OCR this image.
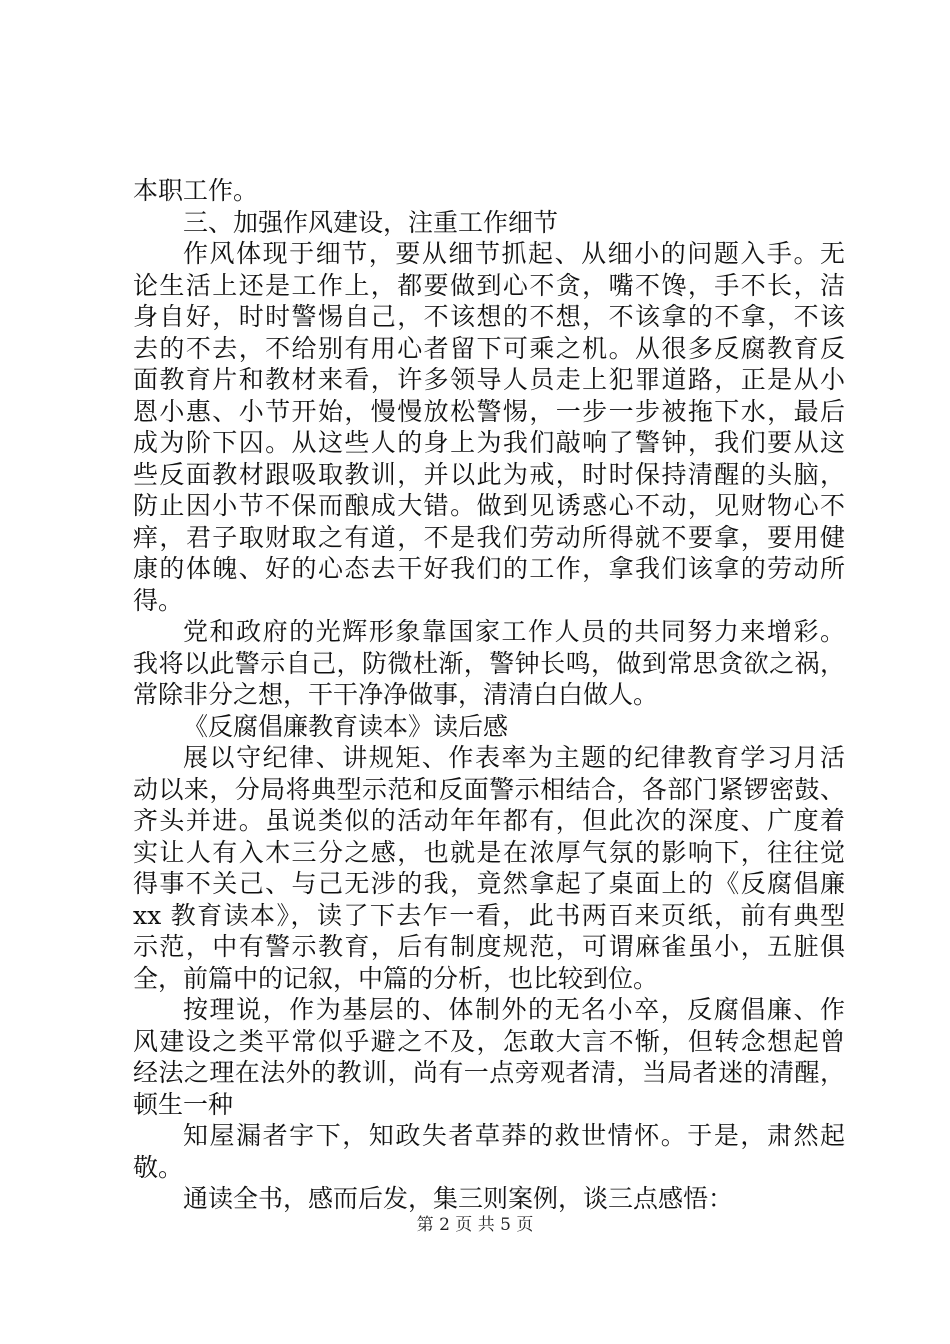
本职工作。
三、加强作风建设，注重工作细节
作风体现于细节，要从细节抓起、从细小的问题入手。无
论生活上还是工作上，都要做到心不贪，嘴不馋，手不长，洁
身自好，时时警惕自己，不该想的不想，不该拿的不拿，不该
去的不去，不给别有用心者留下可乘之机。从很多反腐教育反
面教育片和教材来看，许多领导人员走上犯罪道路，正是从小
恩小惠、小节开始，慢慢放松警惕，一步一步被拖下水，最后
成为阶下囚。从这些人的身上为我们敲响了警钟，我们要从这
些反面教材跟吸取教训，并以此为戒，时时保持清醒的头脑，
防止因小节不保而酿成大错。做到见诱惑心不动，见财物心不
痒，君子取财取之有道，不是我们劳动所得就不要拿，要用健
康的体魄、好的心态去干好我们的工作，拿我们该拿的劳动所
得。
党和政府的光辉形象靠国家工作人员的共同努力来增彩。
我将以此警示自己，防微杜渐，警钟长鸣，做到常思贪欲之祸，
常除非分之想，干干净净做事，清清白白做人。
《反腐倡廉教育读本》读后感
展以守纪律、讲规矩、作表率为主题的纪律教育学习月活
动以来，分局将典型示范和反面警示相结合，各部门紧锣密鼓、
齐头并进。虽说类似的活动年年都有，但此次的深度、广度着
实让人有入木三分之感，也就是在浓厚气氛的影响下，往往觉
得事不关己、与己无涉的我，竟然拿起了桌面上的《反腐倡廉
xx 教育读本》，读了下去乍一看，此书两百来页纸，前有典型
示范，中有警示教育，后有制度规范，可谓麻雀虽小，五脏俱
全，前篇中的记叙，中篇的分析，也比较到位。
按理说，作为基层的、体制外的无名小卒，反腐倡廉、作
风建设之类平常似乎避之不及，怎敢大言不惭，但转念想起曾
经法之理在法外的教训，尚有一点旁观者清，当局者迷的清醒，
顿生一种
知屋漏者宇下，知政失者草莽的救世情怀。于是，肃然起
敬。
通读全书，感而后发，集三则案例，谈三点感悟：
第 2 页 共 5 页
